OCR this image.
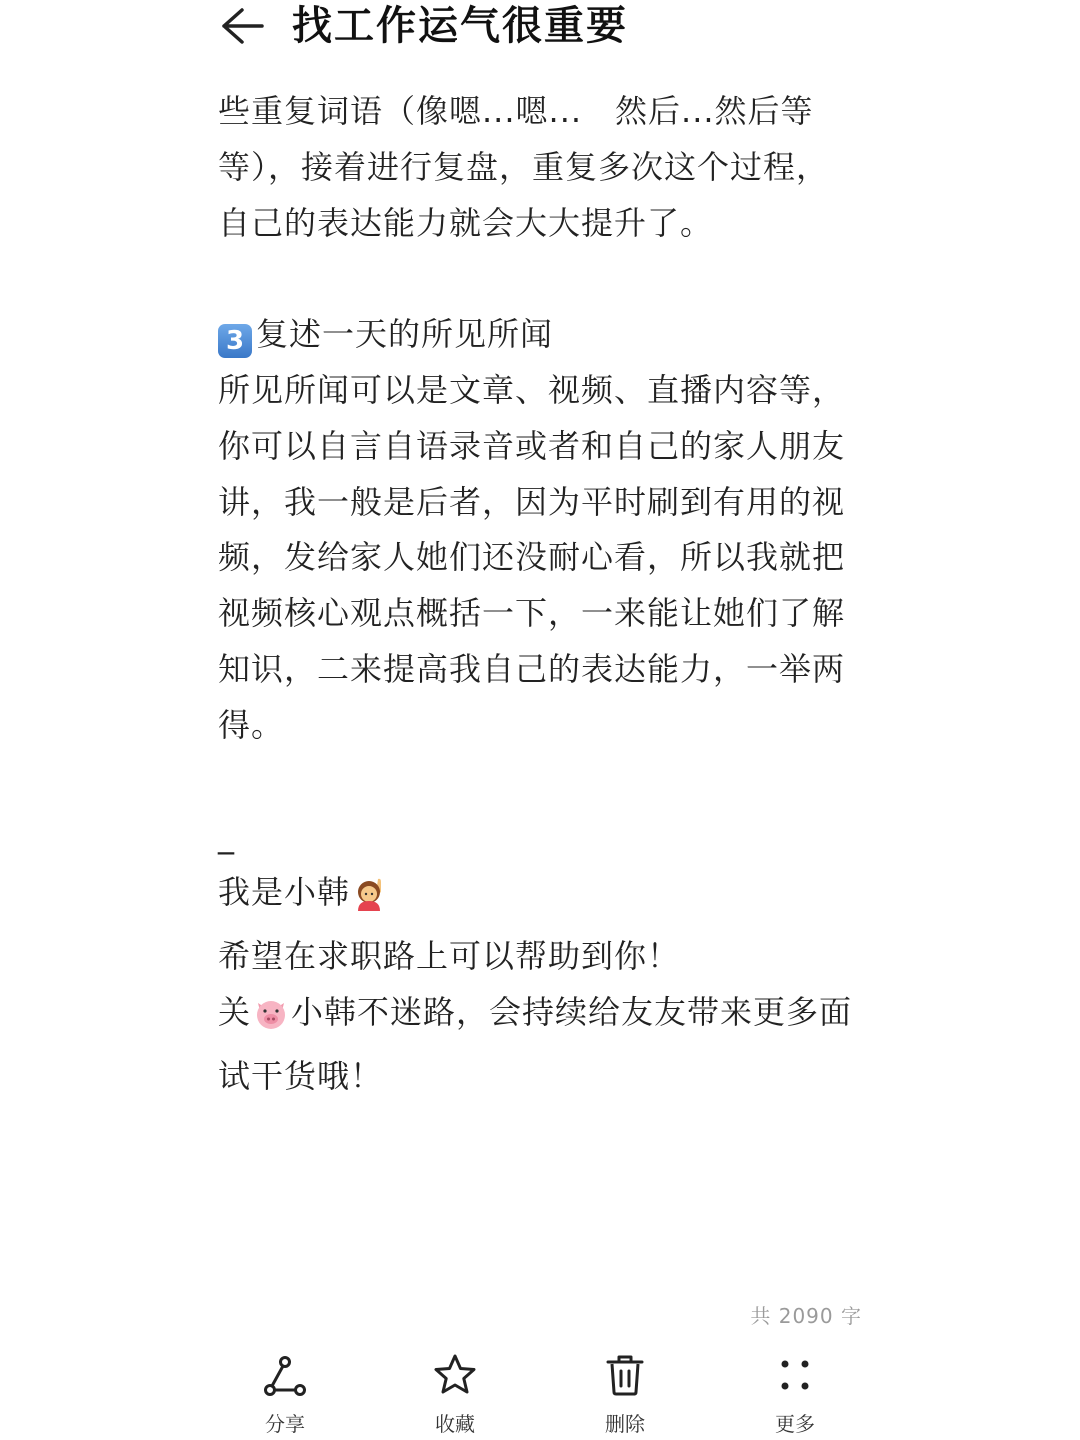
找工作运气很重要

些重复词语（像嗯...嗯...　然后...然后等

等），接着进行复盘，重复多次这个过程，

自己的表达能力就会大大提升了。

3 复述一天的所见所闻

所见所闻可以是文章、视频、直播内容等，

你可以自言自语录音或者和自己的家人朋友

讲，我一般是后者，因为平时刷到有用的视

频，发给家人她们还没耐心看，所以我就把

视频核心观点概括一下，一来能让她们了解

知识，二来提高我自己的表达能力，一举两

得。

_

我是小韩

希望在求职路上可以帮助到你！

关 小韩不迷路，会持续给友友带来更多面

试干货哦！

共 2090 字
分享	收藏	删除	更多
